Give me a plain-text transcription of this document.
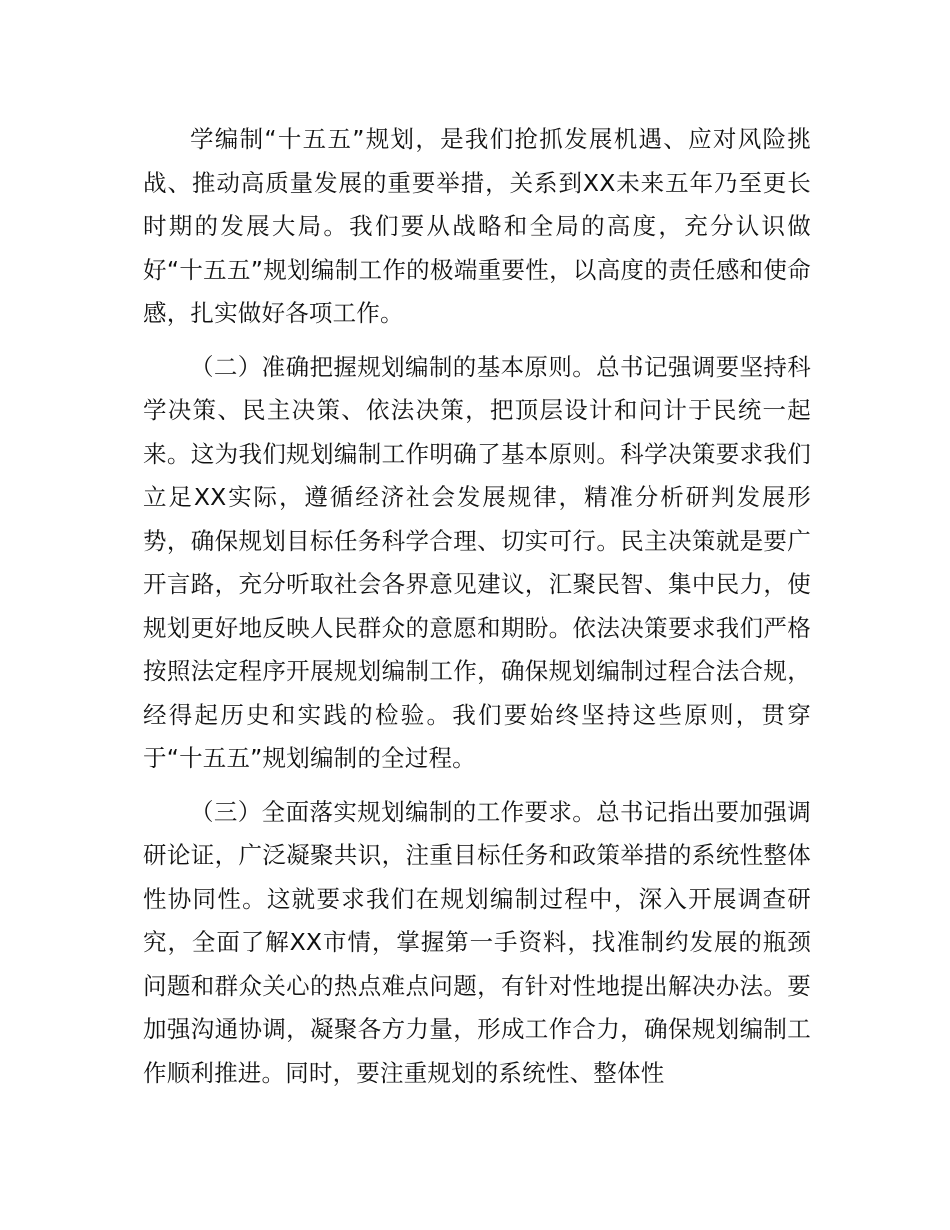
学编制“十五五”规划，是我们抢抓发展机遇、应对风险挑战、推动高质量发展的重要举措，关系到XX未来五年乃至更长时期的发展大局。我们要从战略和全局的高度，充分认识做好“十五五”规划编制工作的极端重要性，以高度的责任感和使命感，扎实做好各项工作。

（二）准确把握规划编制的基本原则。总书记强调要坚持科学决策、民主决策、依法决策，把顶层设计和问计于民统一起来。这为我们规划编制工作明确了基本原则。科学决策要求我们立足XX实际，遵循经济社会发展规律，精准分析研判发展形势，确保规划目标任务科学合理、切实可行。民主决策就是要广开言路，充分听取社会各界意见建议，汇聚民智、集中民力，使规划更好地反映人民群众的意愿和期盼。依法决策要求我们严格按照法定程序开展规划编制工作，确保规划编制过程合法合规，经得起历史和实践的检验。我们要始终坚持这些原则，贯穿于“十五五”规划编制的全过程。

（三）全面落实规划编制的工作要求。总书记指出要加强调研论证，广泛凝聚共识，注重目标任务和政策举措的系统性整体性协同性。这就要求我们在规划编制过程中，深入开展调查研究，全面了解XX市情，掌握第一手资料，找准制约发展的瓶颈问题和群众关心的热点难点问题，有针对性地提出解决办法。要加强沟通协调，凝聚各方力量，形成工作合力，确保规划编制工作顺利推进。同时，要注重规划的系统性、整体性
